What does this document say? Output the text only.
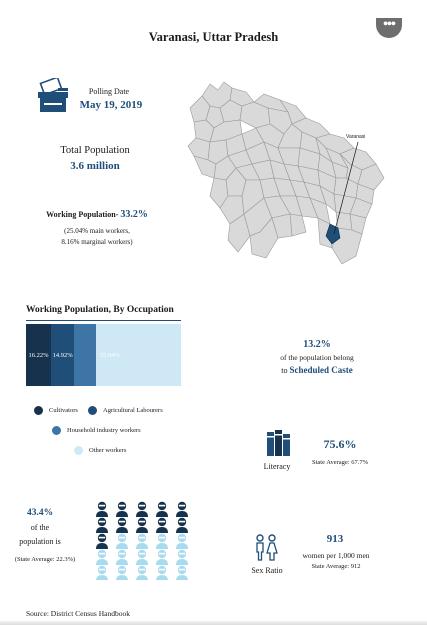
Varanasi, Uttar Pradesh
•••
Polling Date
May 19, 2019
Total Population
3.6 million
Working Population- 33.2%
(25.04% main workers,
8.16% marginal workers)
Varanasi
Working Population, By Occupation
16.22% 14.92%	55.04%
Cultivators	Agricultural Labourers
Household industry workers
Other workers
13.2%
of the population belong
to Scheduled Caste
Literacy
75.6%
State Average: 67.7%
43.4%
of the
population is
(State Average: 22.3%)
Sex Ratio
913
women per 1,000 men
State Average: 912
Source: District Census Handbook
